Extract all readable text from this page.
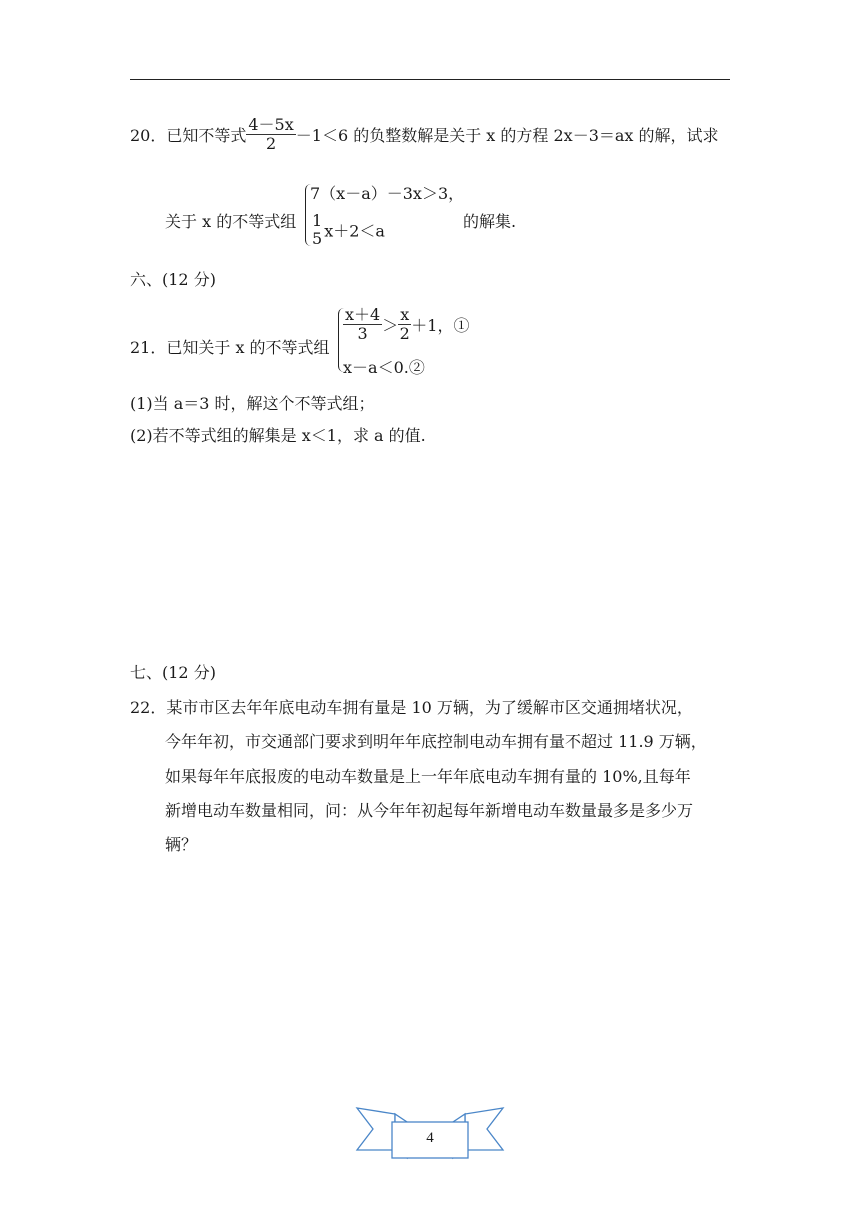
20．已知不等式 $\frac{4-5x}{2} -1<6$ 的负整数解是关于 x 的方程 2x－3＝ax 的解，试求
关于 x 的不等式组
7（x－a）－3x＞3，
1
5 x＋2＜a	的解集.
六、(12 分)
21．已知关于 x 的不等式组
$\frac{x+4}{3} > \frac{x}{2} +1$，①
x－a＜0.②
(1)当 a＝3 时，解这个不等式组；
(2)若不等式组的解集是 x＜1，求 a 的值.
七、(12 分)
22．某市市区去年年底电动车拥有量是 10 万辆，为了缓解市区交通拥堵状况，
今年年初，市交通部门要求到明年年底控制电动车拥有量不超过 11.9 万辆，
如果每年年底报废的电动车数量是上一年年底电动车拥有量的 10%,且每年
新增电动车数量相同，问：从今年年初起每年新增电动车数量最多是多少万
辆？
4
